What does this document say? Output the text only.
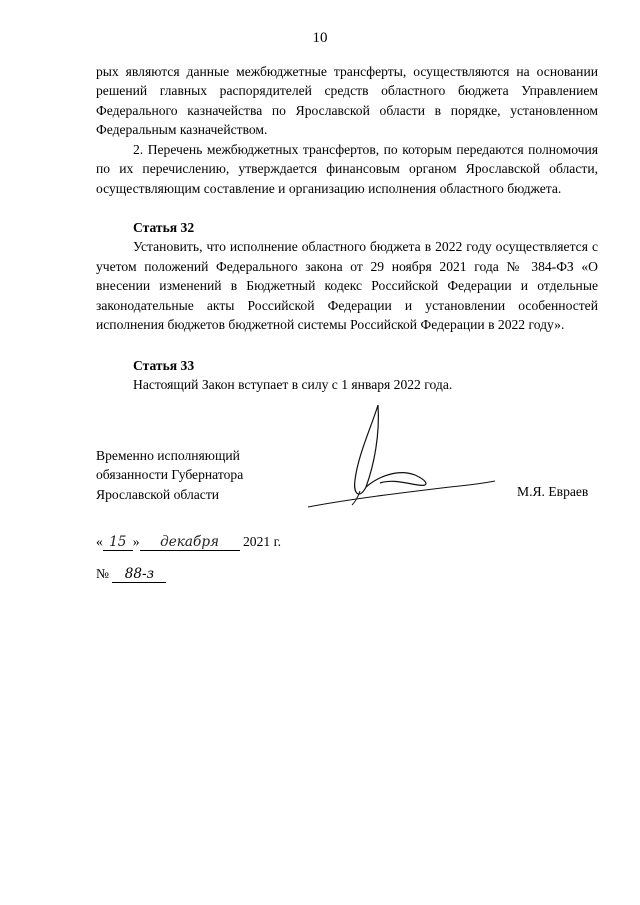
10

рых являются данные межбюджетные трансферты, осуществляются на основании решений главных распорядителей средств областного бюджета Управлением Федерального казначейства по Ярославской области в порядке, установленном Федеральным казначейством.

2. Перечень межбюджетных трансфертов, по которым передаются полномочия по их перечислению, утверждается финансовым органом Ярославской области, осуществляющим составление и организацию исполнения областного бюджета.

Статья 32

Установить, что исполнение областного бюджета в 2022 году осуществляется с учетом положений Федерального закона от 29 ноября 2021 года № 384-ФЗ «О внесении изменений в Бюджетный кодекс Российской Федерации и отдельные законодательные акты Российской Федерации и установлении особенностей исполнения бюджетов бюджетной системы Российской Федерации в 2022 году».

Статья 33

Настоящий Закон вступает в силу с 1 января 2022 года.

Временно исполняющий
обязанности Губернатора
Ярославской области	М.Я. Евраев
« 15 » декабря 2021 г.
№ 88-з
